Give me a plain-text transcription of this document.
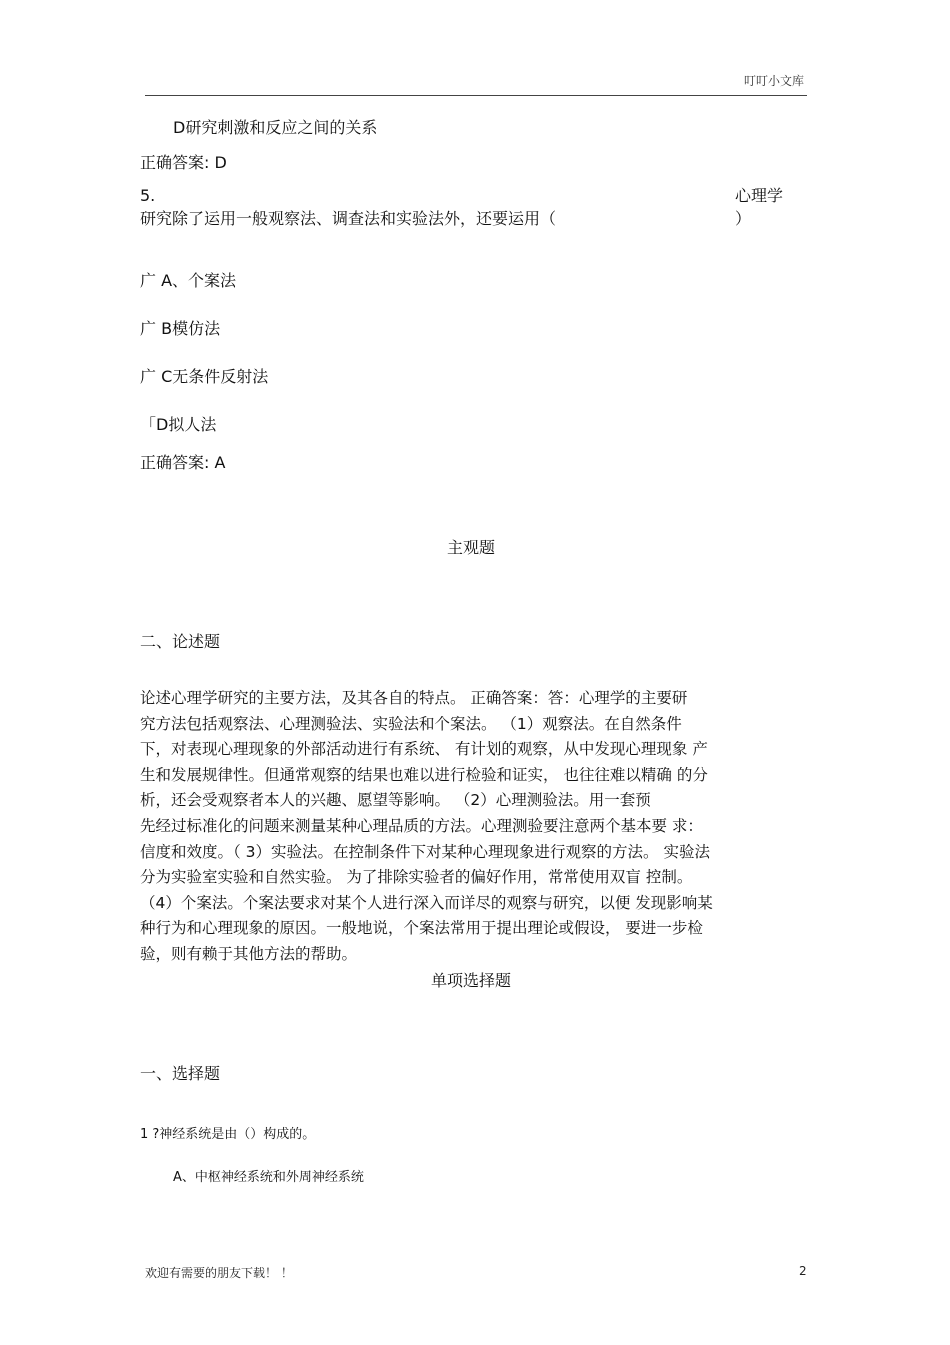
叮叮小文库
D研究刺激和反应之间的关系
正确答案: D
5.	心理学
研究除了运用一般观察法、调查法和实验法外，还要运用（	）
广 A、个案法
广 B模仿法
广 C无条件反射法
「D拟人法
正确答案: A
主观题
二、论述题
论述心理学研究的主要方法，及其各自的特点。 正确答案：答：心理学的主要研
究方法包括观察法、心理测验法、实验法和个案法。 （1）观察法。在自然条件
下，对表现心理现象的外部活动进行有系统、 有计划的观察，从中发现心理现象 产
生和发展规律性。但通常观察的结果也难以进行检验和证实， 也往往难以精确 的分
析，还会受观察者本人的兴趣、愿望等影响。 （2）心理测验法。用一套预
先经过标准化的问题来测量某种心理品质的方法。心理测验要注意两个基本要 求：
信度和效度。（ 3）实验法。在控制条件下对某种心理现象进行观察的方法。 实验法
分为实验室实验和自然实验。 为了排除实验者的偏好作用，常常使用双盲 控制。
（4）个案法。个案法要求对某个人进行深入而详尽的观察与研究，以便 发现影响某
种行为和心理现象的原因。一般地说，个案法常用于提出理论或假设， 要进一步检
验，则有赖于其他方法的帮助。
单项选择题
一、选择题
1 ?神经系统是由（）构成的。
A、中枢神经系统和外周神经系统
欢迎有需要的朋友下载！ ！	2
